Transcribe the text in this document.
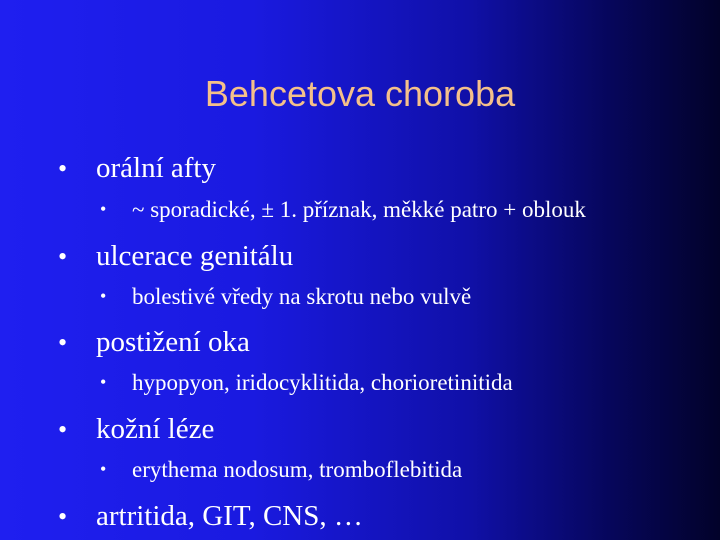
Behcetova choroba
• orální afty
• ~ sporadické, ± 1. příznak, měkké patro + oblouk
• ulcerace genitálu
• bolestivé vředy na skrotu nebo vulvě
• postižení oka
• hypopyon, iridocyklitida, chorioretinitida
• kožní léze
• erythema nodosum, tromboflebitida
• artritida, GIT, CNS, …
